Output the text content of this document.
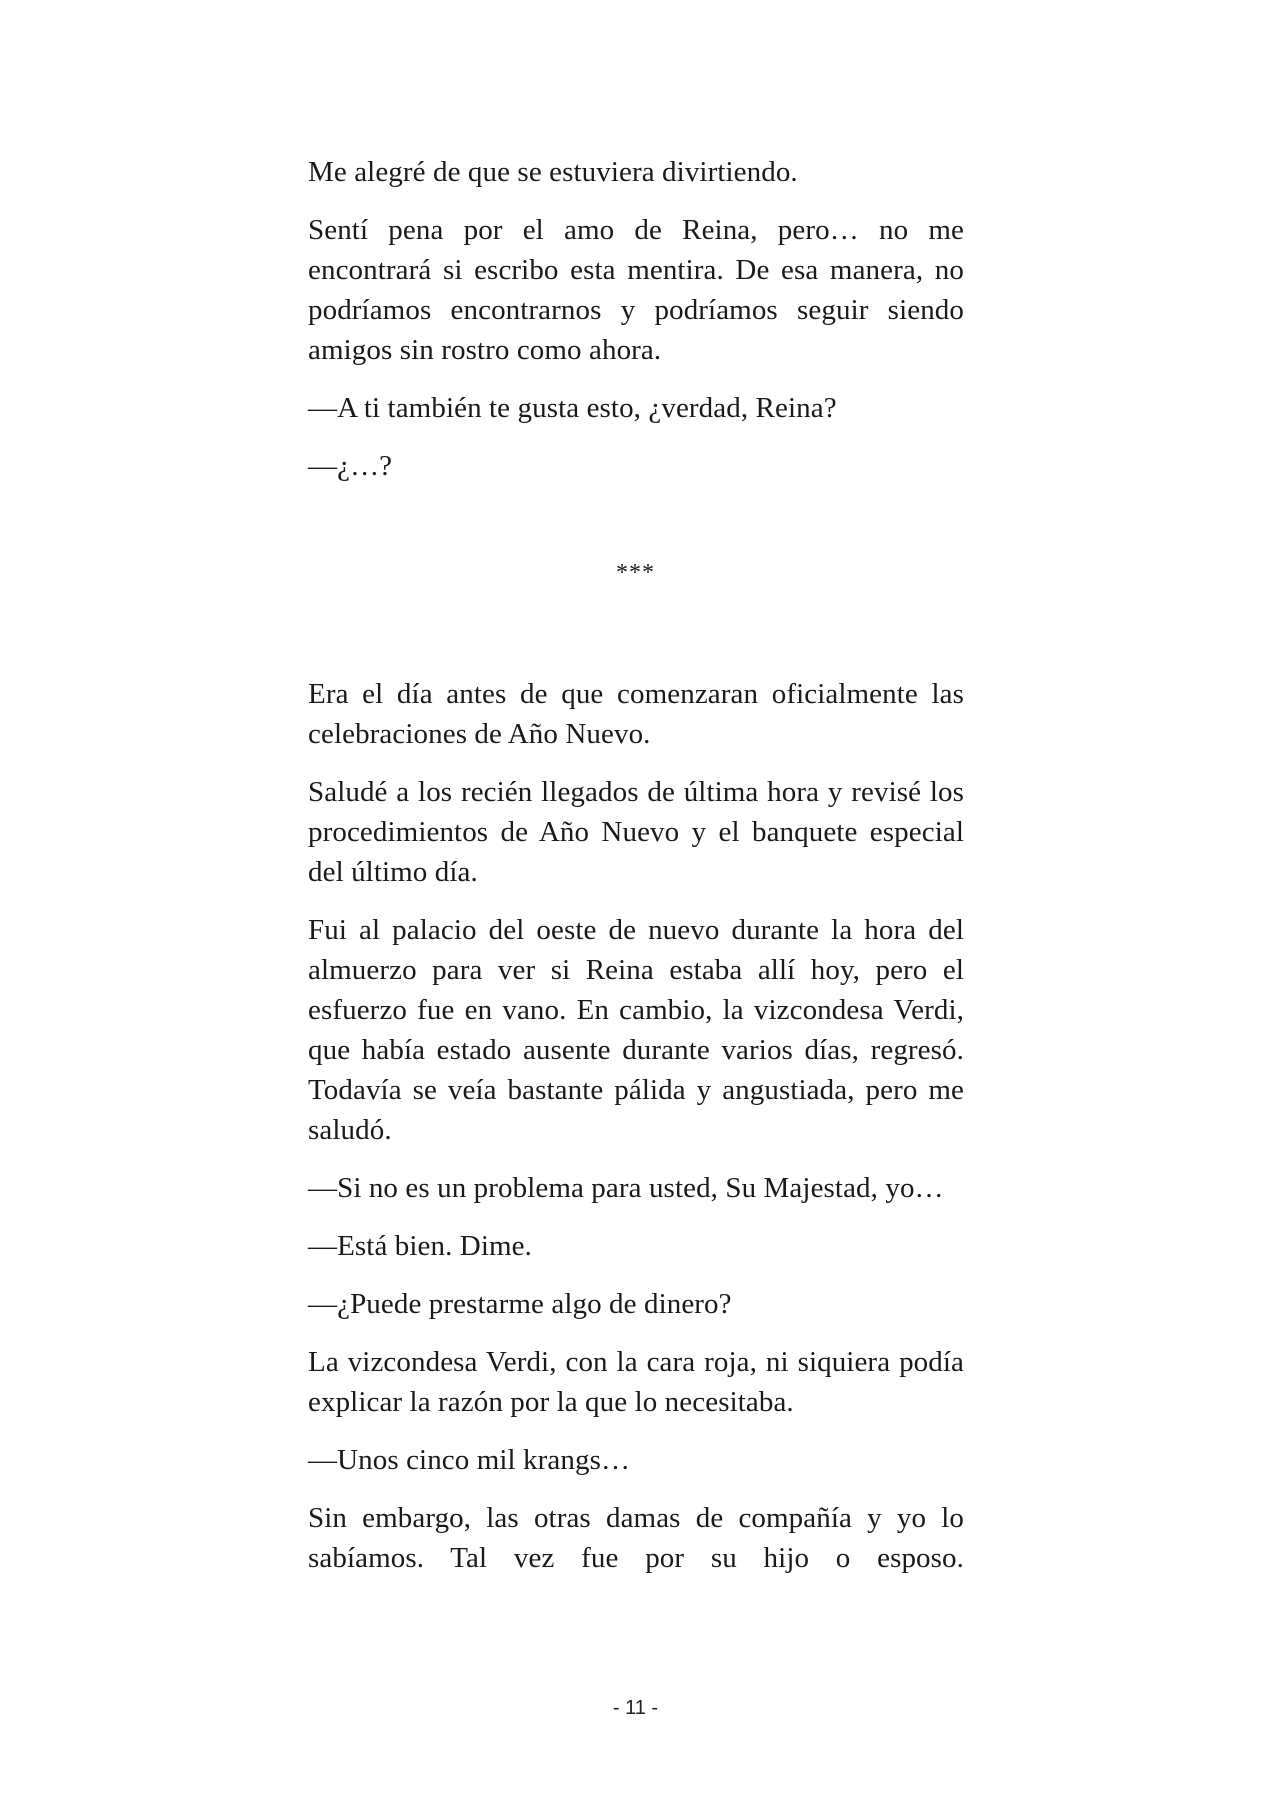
Me alegré de que se estuviera divirtiendo.

Sentí pena por el amo de Reina, pero… no me encontrará si escribo esta mentira. De esa manera, no podríamos encontrarnos y podríamos seguir siendo amigos sin rostro como ahora.

—A ti también te gusta esto, ¿verdad, Reina?

—¿…?

***

Era el día antes de que comenzaran oficialmente las celebraciones de Año Nuevo.

Saludé a los recién llegados de última hora y revisé los procedimientos de Año Nuevo y el banquete especial del último día.

Fui al palacio del oeste de nuevo durante la hora del almuerzo para ver si Reina estaba allí hoy, pero el esfuerzo fue en vano. En cambio, la vizcondesa Verdi, que había estado ausente durante varios días, regresó. Todavía se veía bastante pálida y angustiada, pero me saludó.

—Si no es un problema para usted, Su Majestad, yo…

—Está bien. Dime.

—¿Puede prestarme algo de dinero?

La vizcondesa Verdi, con la cara roja, ni siquiera podía explicar la razón por la que lo necesitaba.

—Unos cinco mil krangs…

Sin embargo, las otras damas de compañía y yo lo sabíamos. Tal vez fue por su hijo o esposo.

- 11 -
